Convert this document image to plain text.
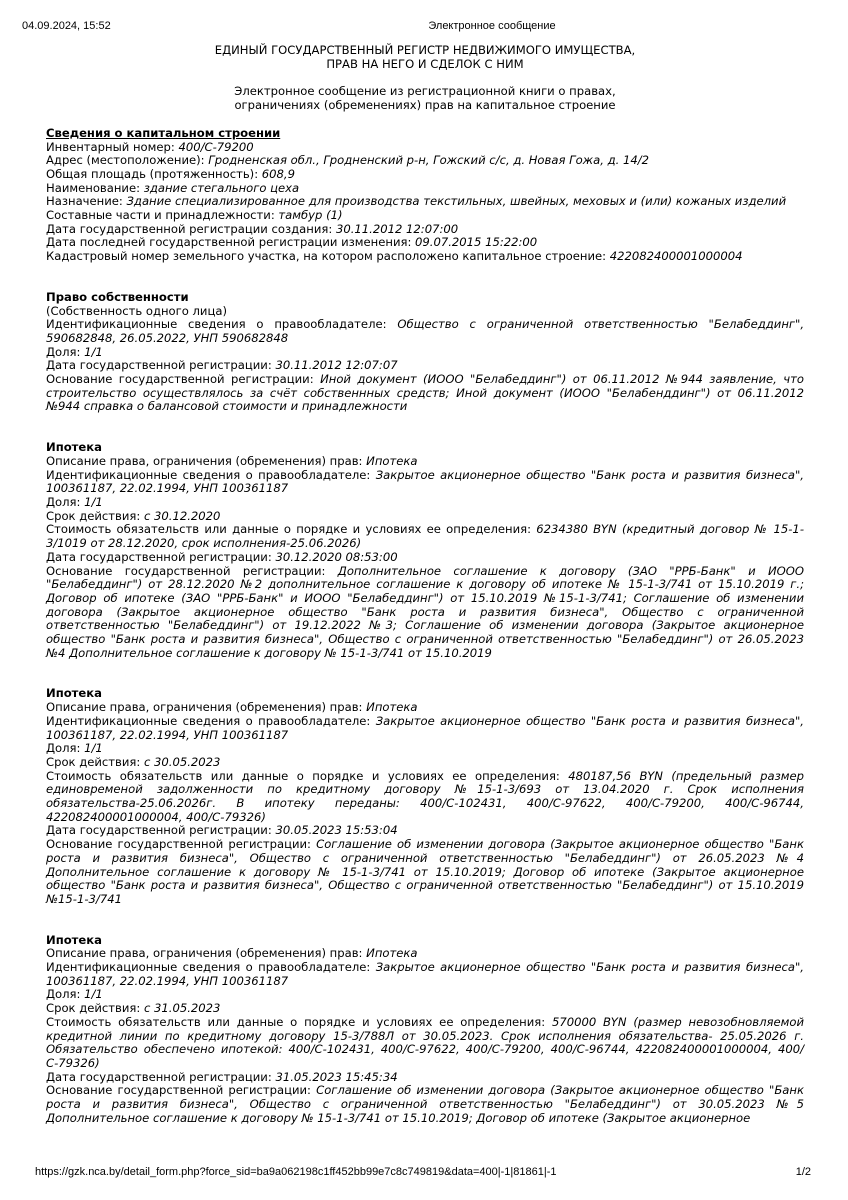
04.09.2024, 15:52	Электронное сообщение
ЕДИНЫЙ ГОСУДАРСТВЕННЫЙ РЕГИСТР НЕДВИЖИМОГО ИМУЩЕСТВА,
ПРАВ НА НЕГО И СДЕЛОК С НИМ
Электронное сообщение из регистрационной книги о правах,
ограничениях (обременениях) прав на капитальное строение
Сведения о капитальном строении
Инвентарный номер: 400/С-79200
Адрес (местоположение): Гродненская обл., Гродненский р-н, Гожский с/с, д. Новая Гожа, д. 14/2
Общая площадь (протяженность): 608,9
Наименование: здание стегального цеха
Назначение: Здание специализированное для производства текстильных, швейных, меховых и (или) кожаных изделий
Составные части и принадлежности: тамбур (1)
Дата государственной регистрации создания: 30.11.2012 12:07:00
Дата последней государственной регистрации изменения: 09.07.2015 15:22:00
Кадастровый номер земельного участка, на котором расположено капитальное строение: 422082400001000004
Право собственности
(Собственность одного лица)
Идентификационные сведения о правообладателе: Общество с ограниченной ответственностью "Белабеддинг", 590682848, 26.05.2022, УНП 590682848
Доля: 1/1
Дата государственной регистрации: 30.11.2012 12:07:07
Основание государственной регистрации: Иной документ (ИООО "Белабеддинг") от 06.11.2012 №944 заявление, что строительство осуществлялось за счёт собственнных средств; Иной документ (ИООО "Белабенддинг") от 06.11.2012 №944 справка о балансовой стоимости и принадлежности
Ипотека
Описание права, ограничения (обременения) прав: Ипотека
Идентификационные сведения о правообладателе: Закрытое акционерное общество "Банк роста и развития бизнеса", 100361187, 22.02.1994, УНП 100361187
Доля: 1/1
Срок действия: с 30.12.2020
Стоимость обязательств или данные о порядке и условиях ее определения: 6234380 BYN (кредитный договор № 15-1-3/1019 от 28.12.2020, срок исполнения-25.06.2026)
Дата государственной регистрации: 30.12.2020 08:53:00
Основание государственной регистрации: Дополнительное соглашение к договору (ЗАО "РРБ-Банк" и ИООО "Белабеддинг") от 28.12.2020 №2 дополнительное соглашение к договору об ипотеке № 15-1-3/741 от 15.10.2019 г.; Договор об ипотеке (ЗАО "РРБ-Банк" и ИООО "Белабеддинг") от 15.10.2019 №15-1-3/741; Соглашение об изменении договора (Закрытое акционерное общество "Банк роста и развития бизнеса", Общество с ограниченной ответственностью "Белабеддинг") от 19.12.2022 №3; Соглашение об изменении договора (Закрытое акционерное общество "Банк роста и развития бизнеса", Общество с ограниченной ответственностью "Белабеддинг") от 26.05.2023 №4 Дополнительное соглашение к договору № 15-1-3/741 от 15.10.2019
Ипотека
Описание права, ограничения (обременения) прав: Ипотека
Идентификационные сведения о правообладателе: Закрытое акционерное общество "Банк роста и развития бизнеса", 100361187, 22.02.1994, УНП 100361187
Доля: 1/1
Срок действия: с 30.05.2023
Стоимость обязательств или данные о порядке и условиях ее определения: 480187,56 BYN (предельный размер единовременой задолженности по кредитному договору №15-1-3/693 от 13.04.2020 г. Срок исполнения обязательства-25.06.2026г. В ипотеку переданы: 400/С-102431, 400/С-97622, 400/С-79200, 400/С-96744, 422082400001000004, 400/С-79326)
Дата государственной регистрации: 30.05.2023 15:53:04
Основание государственной регистрации: Соглашение об изменении договора (Закрытое акционерное общество "Банк роста и развития бизнеса", Общество с ограниченной ответственностью "Белабеддинг") от 26.05.2023 №4 Дополнительное соглашение к договору № 15-1-3/741 от 15.10.2019; Договор об ипотеке (Закрытое акционерное общество "Банк роста и развития бизнеса", Общество с ограниченной ответственностью "Белабеддинг") от 15.10.2019 №15-1-3/741
Ипотека
Описание права, ограничения (обременения) прав: Ипотека
Идентификационные сведения о правообладателе: Закрытое акционерное общество "Банк роста и развития бизнеса", 100361187, 22.02.1994, УНП 100361187
Доля: 1/1
Срок действия: с 31.05.2023
Стоимость обязательств или данные о порядке и условиях ее определения: 570000 BYN (размер невозобновляемой кредитной линии по кредитному договору 15-3/788Л от 30.05.2023. Срок исполнения обязательства- 25.05.2026 г. Обязательство обеспечено ипотекой: 400/С-102431, 400/С-97622, 400/С-79200, 400/С-96744, 422082400001000004, 400/С-79326)
Дата государственной регистрации: 31.05.2023 15:45:34
Основание государственной регистрации: Соглашение об изменении договора (Закрытое акционерное общество "Банк роста и развития бизнеса", Общество с ограниченной ответственностью "Белабеддинг") от 30.05.2023 №5 Дополнительное соглашение к договору № 15-1-3/741 от 15.10.2019; Договор об ипотеке (Закрытое акционерное
https://gzk.nca.by/detail_form.php?force_sid=ba9a062198c1ff452bb99e7c8c749819&data=400|-1|81861|-1	1/2
